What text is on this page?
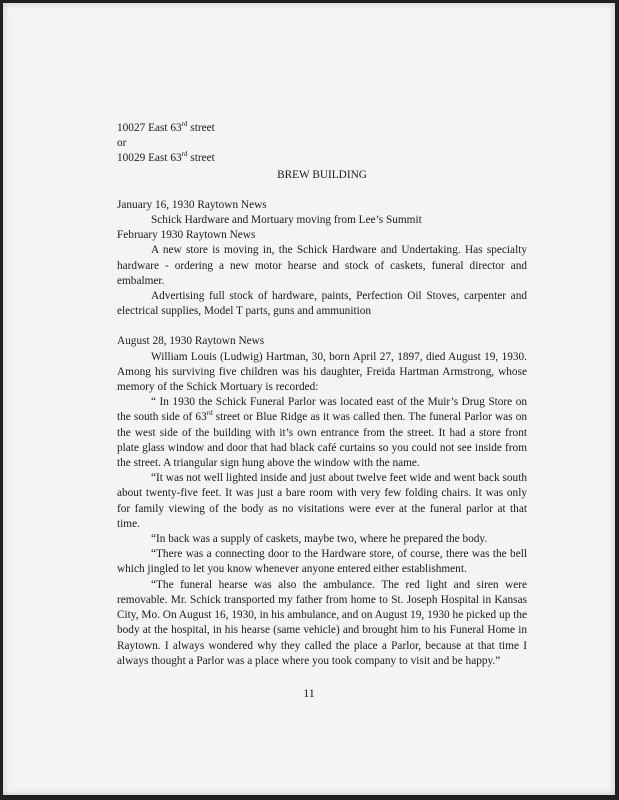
10027 East 63rd street
or
10029 East 63rd street
BREW BUILDING
January 16, 1930 Raytown News
Schick Hardware and Mortuary moving from Lee’s Summit
February 1930 Raytown News
A new store is moving in, the Schick Hardware and Undertaking. Has specialty hardware - ordering a new motor hearse and stock of caskets, funeral director and embalmer.
Advertising full stock of hardware, paints, Perfection Oil Stoves, carpenter and electrical supplies, Model T parts, guns and ammunition
August 28, 1930 Raytown News
William Louis (Ludwig) Hartman, 30, born April 27, 1897, died August 19, 1930. Among his surviving five children was his daughter, Freida Hartman Armstrong, whose memory of the Schick Mortuary is recorded:
“ In 1930 the Schick Funeral Parlor was located east of the Muir’s Drug Store on the south side of 63rd street or Blue Ridge as it was called then. The funeral Parlor was on the west side of the building with it’s own entrance from the street. It had a store front plate glass window and door that had black café curtains so you could not see inside from the street. A triangular sign hung above the window with the name.
“It was not well lighted inside and just about twelve feet wide and went back south about twenty-five feet. It was just a bare room with very few folding chairs. It was only for family viewing of the body as no visitations were ever at the funeral parlor at that time.
“In back was a supply of caskets, maybe two, where he prepared the body.
“There was a connecting door to the Hardware store, of course, there was the bell which jingled to let you know whenever anyone entered either establishment.
“The funeral hearse was also the ambulance. The red light and siren were removable. Mr. Schick transported my father from home to St. Joseph Hospital in Kansas City, Mo. On August 16, 1930, in his ambulance, and on August 19, 1930 he picked up the body at the hospital, in his hearse (same vehicle) and brought him to his Funeral Home in Raytown. I always wondered why they called the place a Parlor, because at that time I always thought a Parlor was a place where you took company to visit and be happy.”
11
